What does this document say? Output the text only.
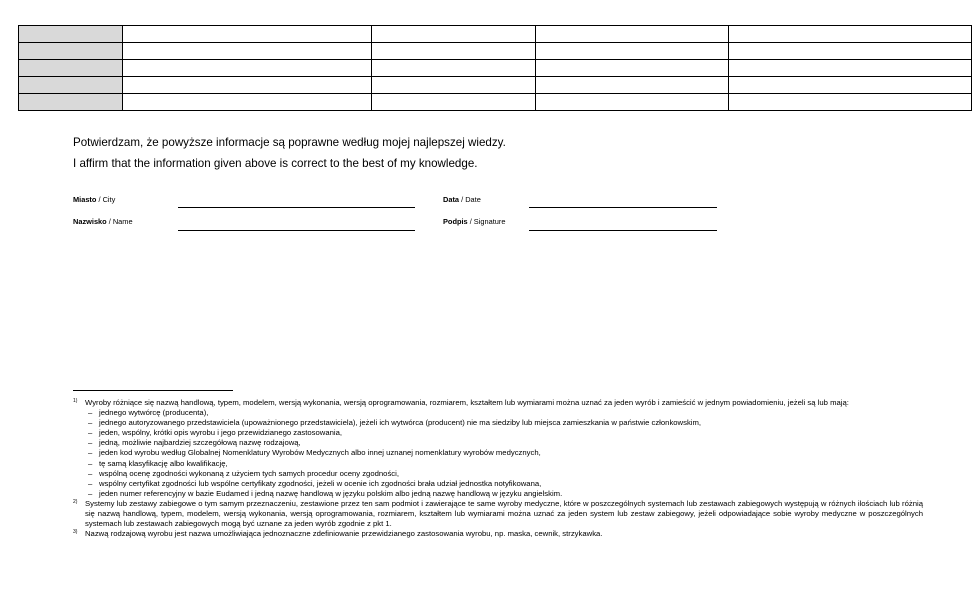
Potwierdzam, że powyższe informacje są poprawne według mojej najlepszej wiedzy.

I affirm that the information given above is correct to the best of my knowledge.

Miasto / City	Data / Date
Nazwisko / Name	Podpis / Signature
1) Wyroby różniące się nazwą handlową, typem, modelem, wersją wykonania, wersją oprogramowania, rozmiarem, kształtem lub wymiarami można uznać za jeden wyrób i zamieścić w jednym powiadomieniu, jeżeli są lub mają:

– jednego wytwórcę (producenta),
– jednego autoryzowanego przedstawiciela (upoważnionego przedstawiciela), jeżeli ich wytwórca (producent) nie ma siedziby lub miejsca zamieszkania w państwie członkowskim,
– jeden, wspólny, krótki opis wyrobu i jego przewidzianego zastosowania,
– jedną, możliwie najbardziej szczegółową nazwę rodzajową,
– jeden kod wyrobu według Globalnej Nomenklatury Wyrobów Medycznych albo innej uznanej nomenklatury wyrobów medycznych,
– tę samą klasyfikację albo kwalifikację,
– wspólną ocenę zgodności wykonaną z użyciem tych samych procedur oceny zgodności,
– wspólny certyfikat zgodności lub wspólne certyfikaty zgodności, jeżeli w ocenie ich zgodności brała udział jednostka notyfikowana,
– jeden numer referencyjny w bazie Eudamed i jedną nazwę handlową w języku polskim albo jedną nazwę handlową w języku angielskim.
2) Systemy lub zestawy zabiegowe o tym samym przeznaczeniu, zestawione przez ten sam podmiot i zawierające te same wyroby medyczne, które w poszczególnych systemach lub zestawach zabiegowych występują w różnych ilościach lub różnią się nazwą handlową, typem, modelem, wersją wykonania, wersją oprogramowania, rozmiarem, kształtem lub wymiarami można uznać za jeden system lub zestaw zabiegowy, jeżeli odpowiadające sobie wyroby medyczne w poszczególnych systemach lub zestawach zabiegowych mogą być uznane za jeden wyrób zgodnie z pkt 1.

3) Nazwą rodzajową wyrobu jest nazwa umożliwiająca jednoznaczne zdefiniowanie przewidzianego zastosowania wyrobu, np. maska, cewnik, strzykawka.
